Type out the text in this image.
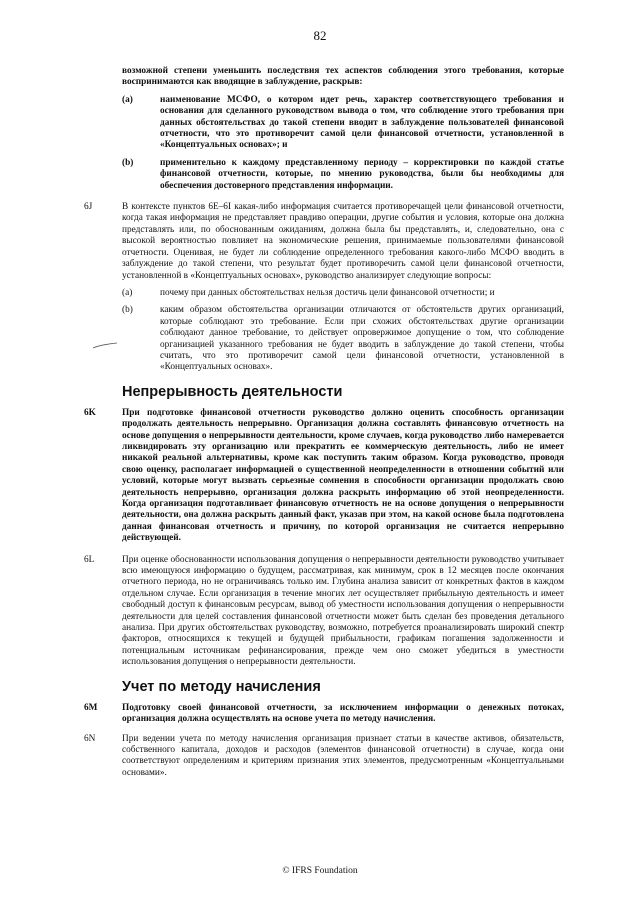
82
возможной степени уменьшить последствия тех аспектов соблюдения этого требования, которые воспринимаются как вводящие в заблуждение, раскрыв:
(a)	наименование МСФО, о котором идет речь, характер соответствующего требования и основания для сделанного руководством вывода о том, что соблюдение этого требования при данных обстоятельствах до такой степени вводит в заблуждение пользователей финансовой отчетности, что это противоречит самой цели финансовой отчетности, установленной в «Концептуальных основах»; и
(b)	применительно к каждому представленному периоду – корректировки по каждой статье финансовой отчетности, которые, по мнению руководства, были бы необходимы для обеспечения достоверного представления информации.
6J	В контексте пунктов 6E–6I какая-либо информация считается противоречащей цели финансовой отчетности, когда такая информация не представляет правдиво операции, другие события и условия, которые она должна представлять или, по обоснованным ожиданиям, должна была бы представлять, и, следовательно, она с высокой вероятностью повлияет на экономические решения, принимаемые пользователями финансовой отчетности. Оценивая, не будет ли соблюдение определенного требования какого-либо МСФО вводить в заблуждение до такой степени, что результат будет противоречить самой цели финансовой отчетности, установленной в «Концептуальных основах», руководство анализирует следующие вопросы:
(a)	почему при данных обстоятельствах нельзя достичь цели финансовой отчетности; и
(b)	каким образом обстоятельства организации отличаются от обстоятельств других организаций, которые соблюдают это требование. Если при схожих обстоятельствах другие организации соблюдают данное требование, то действует опровержимое допущение о том, что соблюдение организацией указанного требования не будет вводить в заблуждение до такой степени, чтобы считать, что это противоречит самой цели финансовой отчетности, установленной в «Концептуальных основах».
Непрерывность деятельности
6K	При подготовке финансовой отчетности руководство должно оценить способность организации продолжать деятельность непрерывно. Организация должна составлять финансовую отчетность на основе допущения о непрерывности деятельности, кроме случаев, когда руководство либо намеревается ликвидировать эту организацию или прекратить ее коммерческую деятельность, либо не имеет никакой реальной альтернативы, кроме как поступить таким образом. Когда руководство, проводя свою оценку, располагает информацией о существенной неопределенности в отношении событий или условий, которые могут вызвать серьезные сомнения в способности организации продолжать свою деятельность непрерывно, организация должна раскрыть информацию об этой неопределенности. Когда организация подготавливает финансовую отчетность не на основе допущения о непрерывности деятельности, она должна раскрыть данный факт, указав при этом, на какой основе была подготовлена данная финансовая отчетность и причину, по которой организация не считается непрерывно действующей.
6L	При оценке обоснованности использования допущения о непрерывности деятельности руководство учитывает всю имеющуюся информацию о будущем, рассматривая, как минимум, срок в 12 месяцев после окончания отчетного периода, но не ограничиваясь только им. Глубина анализа зависит от конкретных фактов в каждом отдельном случае. Если организация в течение многих лет осуществляет прибыльную деятельность и имеет свободный доступ к финансовым ресурсам, вывод об уместности использования допущения о непрерывности деятельности для целей составления финансовой отчетности может быть сделан без проведения детального анализа. При других обстоятельствах руководству, возможно, потребуется проанализировать широкий спектр факторов, относящихся к текущей и будущей прибыльности, графикам погашения задолженности и потенциальным источникам рефинансирования, прежде чем оно сможет убедиться в уместности использования допущения о непрерывности деятельности.
Учет по методу начисления
6M	Подготовку своей финансовой отчетности, за исключением информации о денежных потоках, организация должна осуществлять на основе учета по методу начисления.
6N	При ведении учета по методу начисления организация признает статьи в качестве активов, обязательств, собственного капитала, доходов и расходов (элементов финансовой отчетности) в случае, когда они соответствуют определениям и критериям признания этих элементов, предусмотренным «Концептуальными основами».
© IFRS Foundation
